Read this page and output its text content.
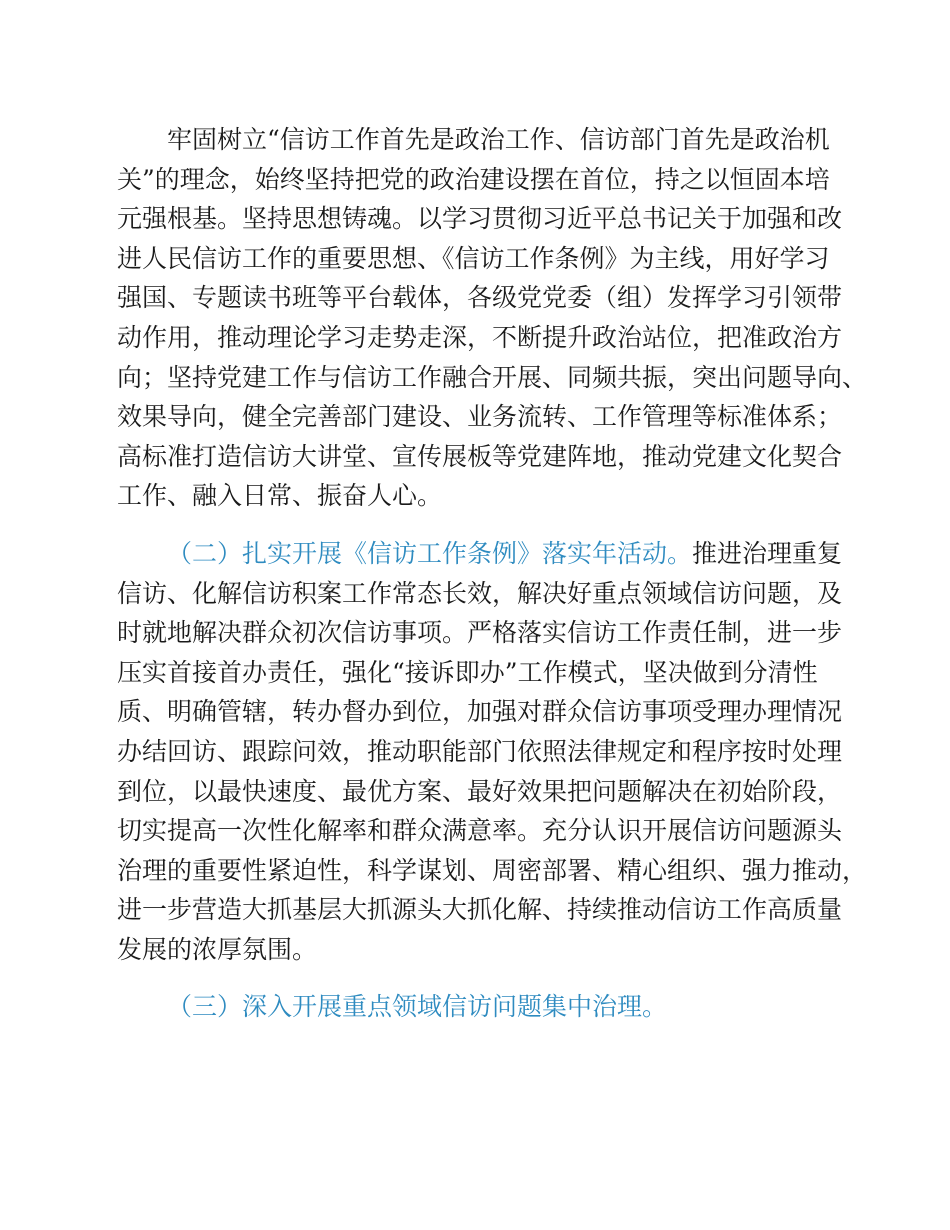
牢固树立“信访工作首先是政治工作、信访部门首先是政治机
关”的理念，始终坚持把党的政治建设摆在首位，持之以恒固本培
元强根基。坚持思想铸魂。以学习贯彻习近平总书记关于加强和改
进人民信访工作的重要思想、《信访工作条例》为主线，用好学习
强国、专题读书班等平台载体，各级党党委（组）发挥学习引领带
动作用，推动理论学习走势走深，不断提升政治站位，把准政治方
向；坚持党建工作与信访工作融合开展、同频共振，突出问题导向、
效果导向，健全完善部门建设、业务流转、工作管理等标准体系；
高标准打造信访大讲堂、宣传展板等党建阵地，推动党建文化契合
工作、融入日常、振奋人心。
（二）扎实开展《信访工作条例》落实年活动。推进治理重复
信访、化解信访积案工作常态长效，解决好重点领域信访问题，及
时就地解决群众初次信访事项。严格落实信访工作责任制，进一步
压实首接首办责任，强化“接诉即办”工作模式，坚决做到分清性
质、明确管辖，转办督办到位，加强对群众信访事项受理办理情况
办结回访、跟踪问效，推动职能部门依照法律规定和程序按时处理
到位，以最快速度、最优方案、最好效果把问题解决在初始阶段，
切实提高一次性化解率和群众满意率。充分认识开展信访问题源头
治理的重要性紧迫性，科学谋划、周密部署、精心组织、强力推动，
进一步营造大抓基层大抓源头大抓化解、持续推动信访工作高质量
发展的浓厚氛围。
（三）深入开展重点领域信访问题集中治理。
